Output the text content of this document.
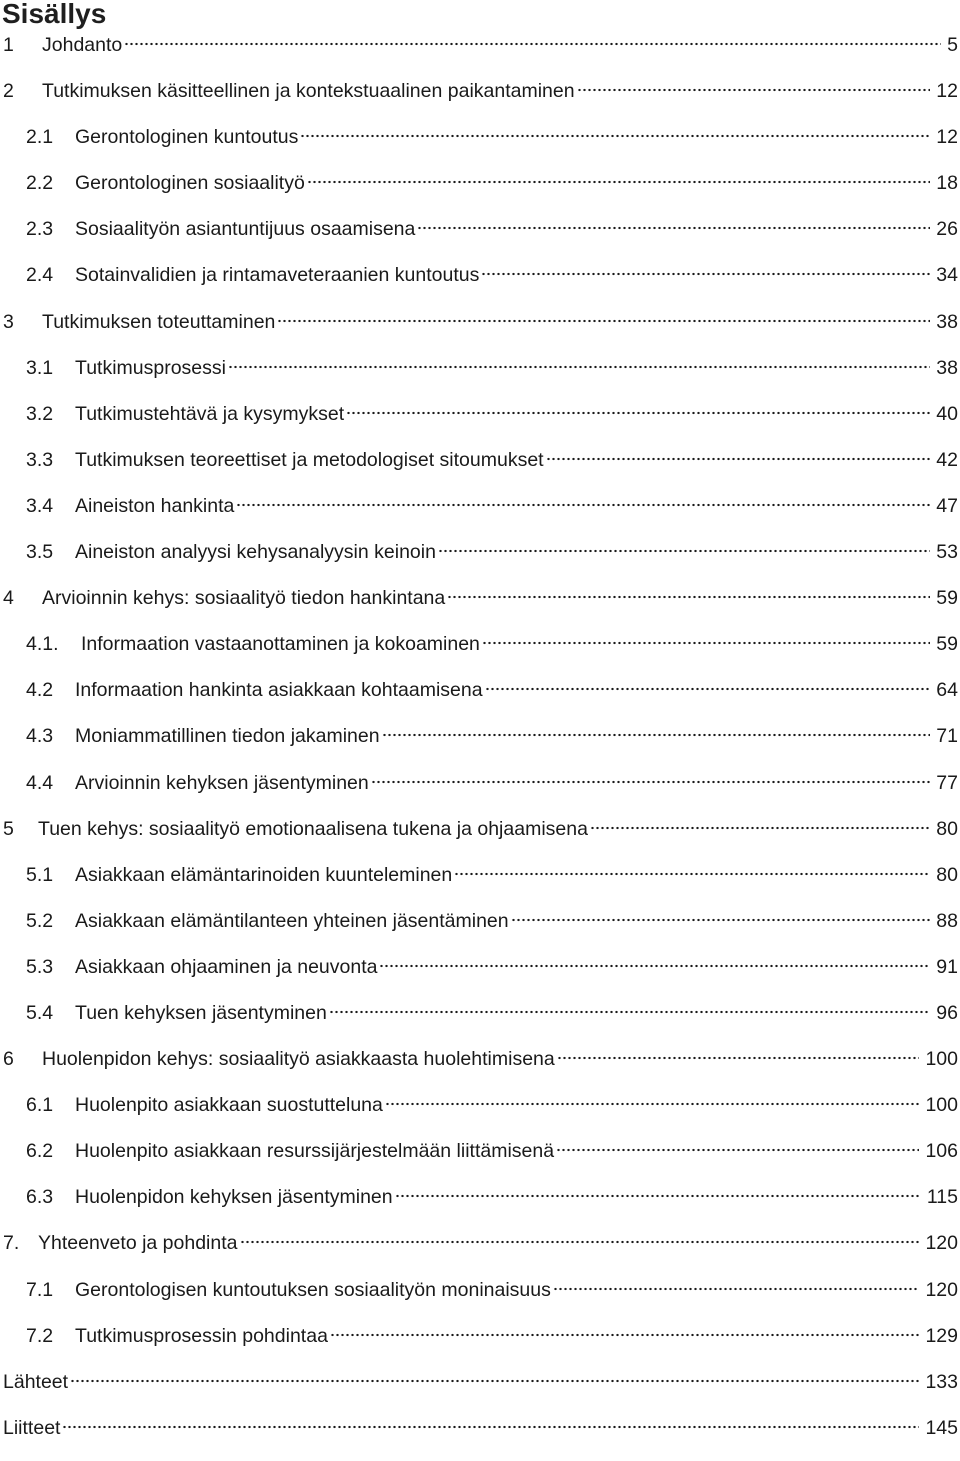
Sisällys
1	Johdanto	5
2	Tutkimuksen käsitteellinen ja kontekstuaalinen paikantaminen	12
2.1	Gerontologinen kuntoutus	12
2.2	Gerontologinen sosiaalityö	18
2.3	Sosiaalityön asiantuntijuus osaamisena	26
2.4	Sotainvalidien ja rintamaveteraanien kuntoutus	34
3	Tutkimuksen toteuttaminen	38
3.1	Tutkimusprosessi	38
3.2	Tutkimustehtävä ja kysymykset	40
3.3	Tutkimuksen teoreettiset ja metodologiset sitoumukset	42
3.4	Aineiston hankinta	47
3.5	Aineiston analyysi kehysanalyysin keinoin	53
4	Arvioinnin kehys: sosiaalityö tiedon hankintana	59
4.1.	Informaation vastaanottaminen ja kokoaminen	59
4.2	Informaation hankinta asiakkaan kohtaamisena	64
4.3	Moniammatillinen tiedon jakaminen	71
4.4	Arvioinnin kehyksen jäsentyminen	77
5	Tuen kehys: sosiaalityö emotionaalisena tukena ja ohjaamisena	80
5.1	Asiakkaan elämäntarinoiden kuunteleminen	80
5.2	Asiakkaan elämäntilanteen yhteinen jäsentäminen	88
5.3	Asiakkaan ohjaaminen ja neuvonta	91
5.4	Tuen kehyksen jäsentyminen	96
6	Huolenpidon kehys: sosiaalityö asiakkaasta huolehtimisena	100
6.1	Huolenpito asiakkaan suostutteluna	100
6.2	Huolenpito asiakkaan resurssijärjestelmään liittämisenä	106
6.3	Huolenpidon kehyksen jäsentyminen	115
7. Yhteenveto ja pohdinta	120
7.1	Gerontologisen kuntoutuksen sosiaalityön moninaisuus	120
7.2	Tutkimusprosessin pohdintaa	129
Lähteet	133
Liitteet	145
